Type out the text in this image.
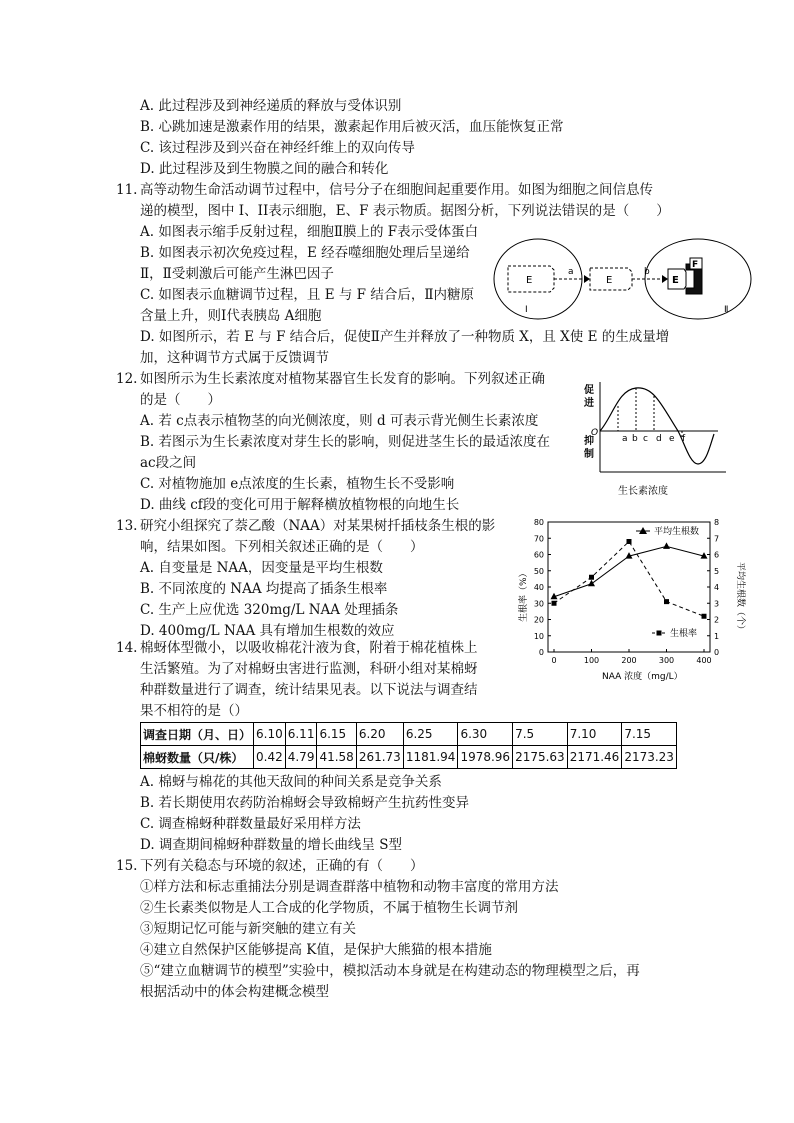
A. 此过程涉及到神经递质的释放与受体识别
B. 心跳加速是激素作用的结果，激素起作用后被灭活，血压能恢复正常
C. 该过程涉及到兴奋在神经纤维上的双向传导
D. 此过程涉及到生物膜之间的融合和转化
11. 高等动物生命活动调节过程中，信号分子在细胞间起重要作用。如图为细胞之间信息传
递的模型，图中 I、II表示细胞，E、F 表示物质。据图分析，下列说法错误的是（　　）
A. 如图表示缩手反射过程，细胞Ⅱ膜上的 F表示受体蛋白
B. 如图表示初次免疫过程，E 经吞噬细胞处理后呈递给
Ⅱ，Ⅱ受刺激后可能产生淋巴因子
C. 如图表示血糖调节过程，且 E 与 F 结合后，Ⅱ内糖原
含量上升，则Ⅰ代表胰岛 A细胞
D. 如图所示，若 E 与 F 结合后，促使Ⅱ产生并释放了一种物质 X，且 X使 E 的生成量增
加，这种调节方式属于反馈调节
E
a
E
b
E
F
Ⅰ	Ⅱ
12. 如图所示为生长素浓度对植物某器官生长发育的影响。下列叙述正确
的是（　　）
A. 若 c点表示植物茎的向光侧浓度，则 d 可表示背光侧生长素浓度
B. 若图示为生长素浓度对芽生长的影响，则促进茎生长的最适浓度在
ac段之间
C. 对植物施加 e点浓度的生长素，植物生长不受影响
D. 曲线 cf段的变化可用于解释横放植物根的向地生长
促
进
抑
制
O
a b c d e f
生长素浓度
13. 研究小组探究了萘乙酸（NAA）对某果树扦插枝条生根的影
响，结果如图。下列相关叙述正确的是（　　）
A. 自变量是 NAA，因变量是平均生根数
B. 不同浓度的 NAA 均提高了插条生根率
C. 生产上应优选 320mg/L NAA 处理插条
D. 400mg/L NAA 具有增加生根数的效应
0
10
20
30
40
50
60
70
80
0
1
2
3
4
5
6
7
8
0	100	200	300	400
生根率（%）	平均生根数（个）
NAA 浓度（mg/L）
平均生根数
生根率
14. 棉蚜体型微小，以吸收棉花汁液为食，附着于棉花植株上
生活繁殖。为了对棉蚜虫害进行监测，科研小组对某棉蚜
种群数量进行了调查，统计结果见表。以下说法与调查结
果不相符的是（）
调查日期（月、日）	6.10	6.11	6.15	6.20	6.25	6.30	7.5	7.10	7.15
棉蚜数量（只/株）	0.42	4.79	41.58	261.73	1181.94	1978.96	2175.63	2171.46	2173.23
A. 棉蚜与棉花的其他天敌间的种间关系是竞争关系
B. 若长期使用农药防治棉蚜会导致棉蚜产生抗药性变异
C. 调查棉蚜种群数量最好采用样方法
D. 调查期间棉蚜种群数量的增长曲线呈 S型
15. 下列有关稳态与环境的叙述，正确的有（　　）
①样方法和标志重捕法分别是调查群落中植物和动物丰富度的常用方法
②生长素类似物是人工合成的化学物质，不属于植物生长调节剂
③短期记忆可能与新突触的建立有关
④建立自然保护区能够提高 K值，是保护大熊猫的根本措施
⑤“建立血糖调节的模型”实验中，模拟活动本身就是在构建动态的物理模型之后，再
根据活动中的体会构建概念模型
